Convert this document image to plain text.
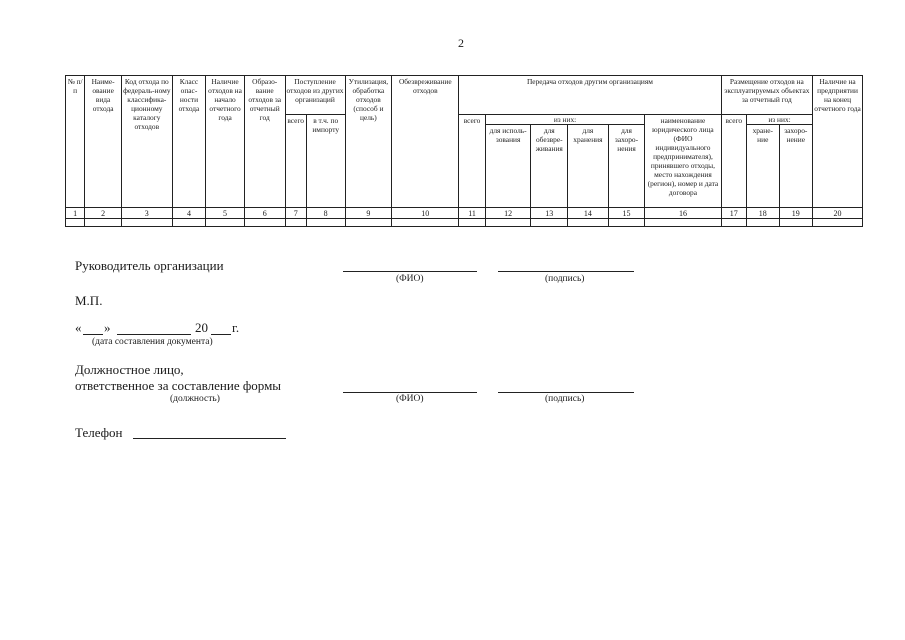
2
№ п/п	Наиме-ование вида отхода	Код отхода по федераль-ному классифика-ционному каталогу отходов	Класс опас-ности отхода	Наличие отходов на начало отчетного года	Образо-вание отходов за отчетный год	Поступление отходов из других организаций		Утилизация, обработка отходов (способ и цель)	Обезвреживание отходов	Передача отходов другим организациям						Размещение отходов на эксплуатируемых объектах за отчетный год			Наличие на предприятии на конец отчетного года
						всего	в т.ч. по импорту			всего	из них:				наименование юридического лица (ФИО индивидуального предпринимателя), принявшего отходы, место нахождения (регион), номер и дата договора	всего	из них:		
											для исполь-зования	для обезвре-живания	для хранения	для захоро-нения			хране-ние	захоро-нение	
1	2	3	4	5	6	7	8	9	10	11	12	13	14	15	16	17	18	19	20

Руководитель организации
(ФИО)	(подпись)
М.П.
« »	20 г.
(дата составления документа)
Должностное лицо,
ответственное за составление формы
(должность)	(ФИО)	(подпись)
Телефон
